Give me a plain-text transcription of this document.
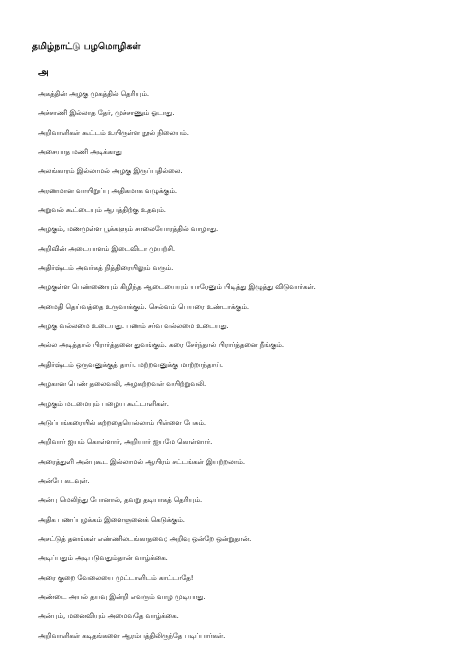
தமிழ்நாட்டு பழமொழிகள்
அ
அகத்தின் அழகு முகத்தில் தெரியும்.
அச்சாணி இல்லாத தேர், முச்சாணும் ஓடாது.
அறிவாளிகள் கூட்டம் உயிருள்ள நூல் நிலையம்.
அசையாத மணி அடிக்காது
அலங்காரம் இல்லாமல் அழகு இருப்பதில்லை.
அரணமான வாயிறுப்பு அதிகமாக வழுக்கும்.
அறுவல் கூட்டையும் ஆபத்திற்கு உதவும்.
அழகும், மணமுள்ள பூக்களும் சாலையோரத்தில் வாழாது.
அறிவின் அடையாளம் இடைவிடா முயற்சி.
அதிர்ஷ்டம் அவர்கத் நித்திரையிலும் வரும்.
அழகுள்ள பெண்ணையும் கிழிந்த ஆடையையும் யாரேனும் பிடித்து இழுத்து விடுவார்கள்.
அமைதி தெய்வத்தை உருவாக்கும். செல்வம் பெயரை உண்டாக்கும்.
அழகு வல்லமை உடையது. பணம் சர்வ வல்லமை உடையது.
அல்ல அடித்தால் பிரார்த்தனை துவங்கும். கரை சேர்ந்தால் பிரார்த்தனை நீங்கும்.
அதிர்ஷ்டம் ஒருவனுக்குத் தாய். மற்றவனுக்கு மாற்றாந்தாய்.
அழகான பெண் தலைவலி, அழகற்றவள் வயிற்றுவலி.
அழகும் மடமையும் பழைய கூட்டாளிகள்.
அடுப்பங்கரையில் கற்றதையெல்லாம் பிள்ளை பேசும்.
அறிவார் ஐயம் கொள்ளார், அறியார் ஐயமே கொள்ளார்.
அரைத்துளி அன்புகூட இல்லாமல் ஆயிரம் சட்டங்கள் இயற்றலாம்.
அன்பே கடவுள்.
அன்பு மெலிந்து போனால், தவறு தடியாகத் தெரியும்.
அதிக பணப்புழக்கம் இளைஞனைக் கெடுக்கும்.
அசட்டுத் தனங்கள் எண்ணிலடங்காதவை; அறிவு ஒன்றே ஒன்றுதான்.
அடிப்பதும் அடிபடுவதும்தான் வாழ்க்கை.
அரை குறை வேலையை முட்டாளிடம் காட்டாதே!
அண்டை அயல் தயவு இன்றி எவரும் வாழ முடியாது.
அன்பும், மனைவியும் அமைவதே வாழ்க்கை.
அறிவாளிகள் கடிதங்களை ஆரம்பத்திலிருந்தே படிப்பார்கள்.
